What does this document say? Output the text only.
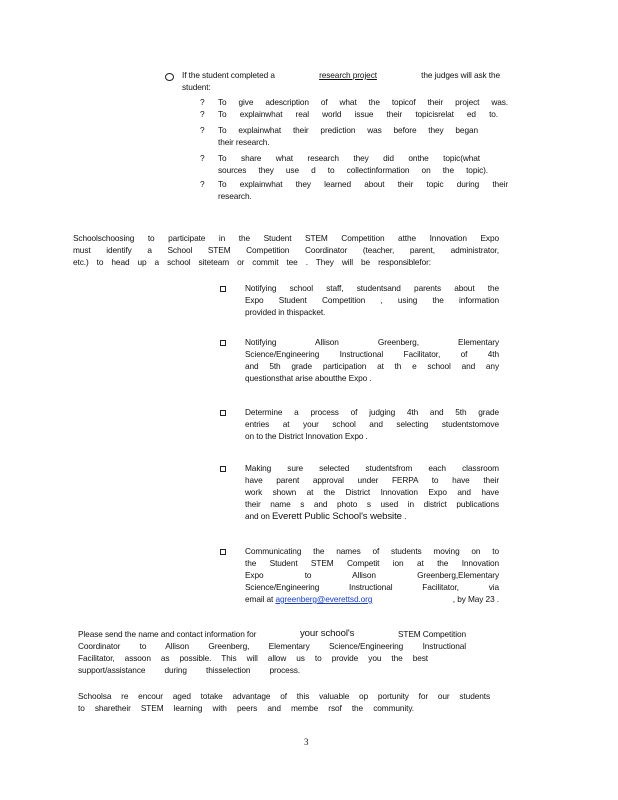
If the student completed a	research project	the judges will ask the
student:
? To give adescription of what the topicof their project was.
? To explainwhat real world issue their topicisrelat ed to.
? To explainwhat their prediction was before they began
their research.
? To share what research they did onthe topic(what
sources they use d to collectinformation on the topic).
? To explainwhat they learned about their topic during their
research.
Schoolschoosing to participate in the Student STEM Competition atthe Innovation Expo
must identify a School STEM Competition Coordinator (teacher, parent, administrator,
etc.) to head up a school siteteam or commit tee . They will be responsiblefor:
Notifying school staff, studentsand parents about the
Expo Student Competition , using the information
provided in thispacket.
Notifying Allison Greenberg, Elementary
Science/Engineering Instructional Facilitator, of 4th
and 5th grade participation at th e school and any
questionsthat arise aboutthe Expo .
Determine a process of judging 4th and 5th grade
entries at your school and selecting studentstomove
on to the District Innovation Expo .
Making sure selected studentsfrom each classroom
have parent approval under FERPA to have their
work shown at the District Innovation Expo and have
their name s and photo s used in district publications
and on Everett Public School's website .
Communicating the names of students moving on to
the Student STEM Competit ion at the Innovation
Expo to Allison Greenberg,Elementary
Science/Engineering Instructional Facilitator, via
email at agreenberg@everettsd.org	, by May 23 .
Please send the name and contact information for	your school's	STEM Competition
Coordinator to Allison Greenberg, Elementary Science/Engineering Instructional
Facilitator, assoon as possible. This will allow us to provide you the best
support/assistance during thisselection process.
Schoolsa re encour aged totake advantage of this valuable op portunity for our students
to sharetheir STEM learning with peers and membe rsof the community.
3
